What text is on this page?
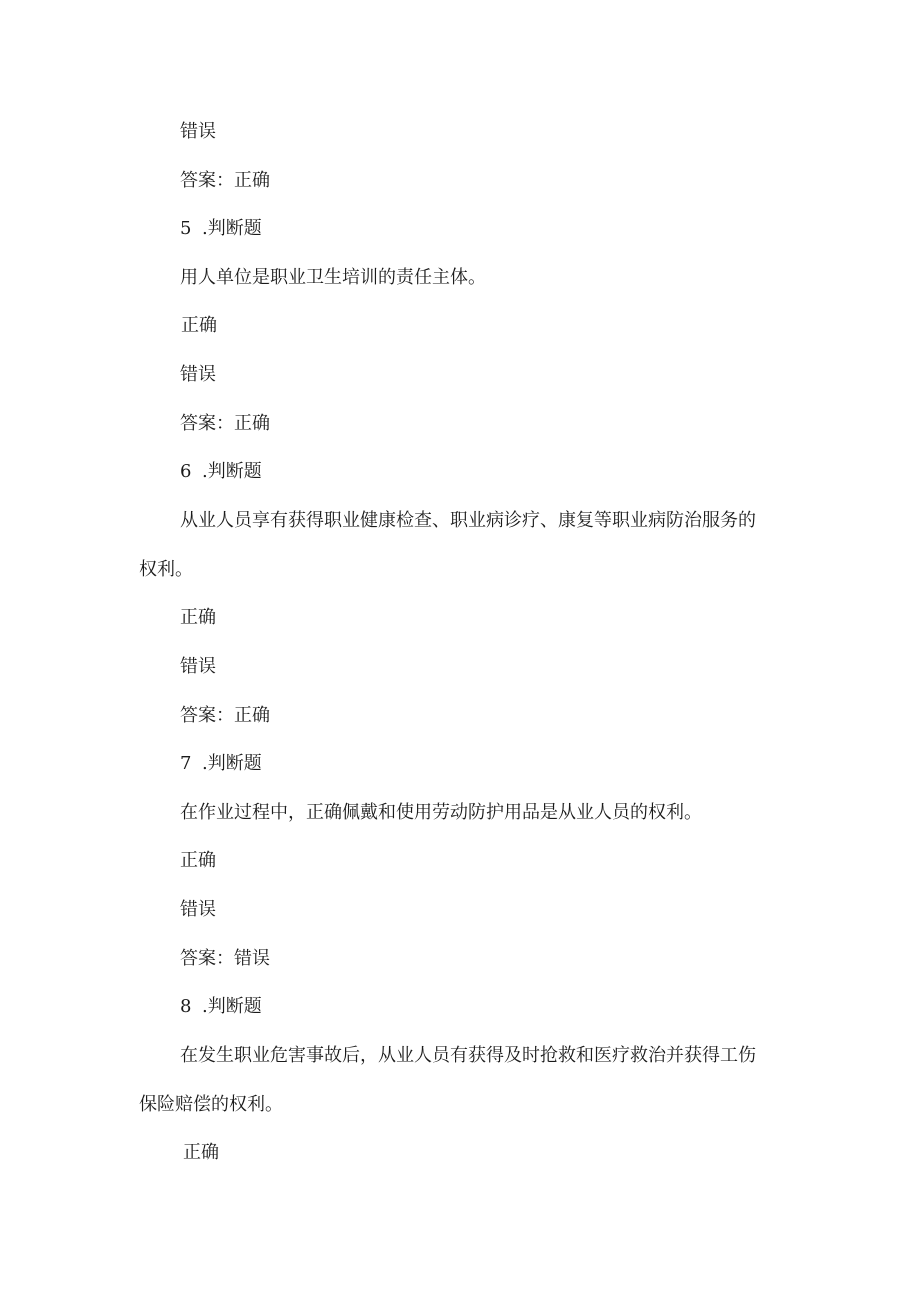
错误
答案：正确
5 .判断题
用人单位是职业卫生培训的责任主体。
正确
错误
答案：正确
6 .判断题
从业人员享有获得职业健康检查、职业病诊疗、康复等职业病防治服务的
权利。
正确
错误
答案：正确
7 .判断题
在作业过程中，正确佩戴和使用劳动防护用品是从业人员的权利。
正确
错误
答案：错误
8 .判断题
在发生职业危害事故后，从业人员有获得及时抢救和医疗救治并获得工伤
保险赔偿的权利。
正确
